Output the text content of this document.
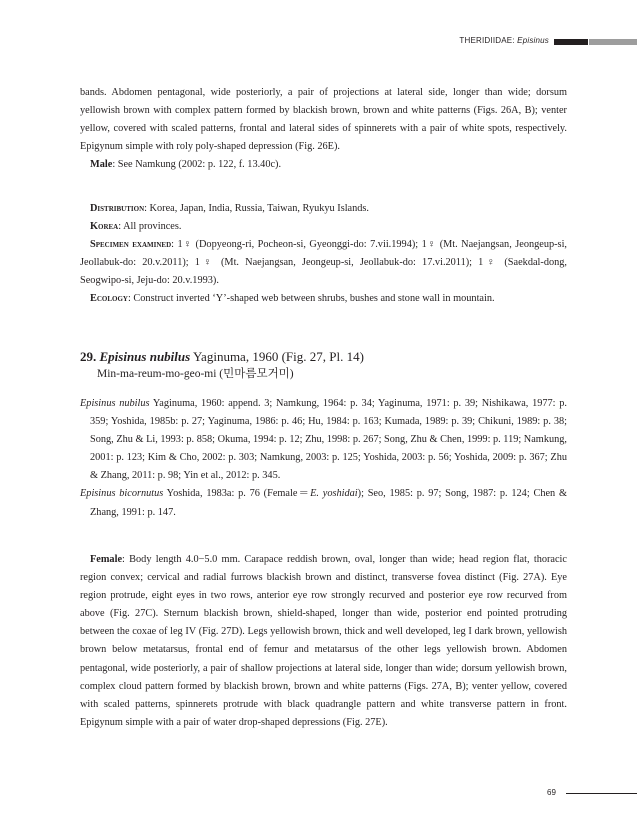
THERIDIIDAE: Episinus

bands. Abdomen pentagonal, wide posteriorly, a pair of projections at lateral side, longer than wide; dorsum yellowish brown with complex pattern formed by blackish brown, brown and white patterns (Figs. 26A, B); venter yellow, covered with scaled patterns, frontal and lateral sides of spinnerets with a pair of white spots, respectively. Epigynum simple with roly poly-shaped depression (Fig. 26E).

Male: See Namkung (2002: p. 122, f. 13.40c).

Distribution: Korea, Japan, India, Russia, Taiwan, Ryukyu Islands.

Korea: All provinces.

Specimen examined: 1♀ (Dopyeong-ri, Pocheon-si, Gyeonggi-do: 7.vii.1994); 1♀ (Mt. Naejangsan, Jeongeup-si, Jeollabuk-do: 20.v.2011); 1♀ (Mt. Naejangsan, Jeongeup-si, Jeollabuk-do: 17.vi.2011); 1♀ (Saekdal-dong, Seogwipo-si, Jeju-do: 20.v.1993).

Ecology: Construct inverted ‘Y’-shaped web between shrubs, bushes and stone wall in mountain.

29. Episinus nubilus Yaginuma, 1960 (Fig. 27, Pl. 14)
Min-ma-reum-mo-geo-mi (민마름모거미)

Episinus nubilus Yaginuma, 1960: append. 3; Namkung, 1964: p. 34; Yaginuma, 1971: p. 39; Nishikawa, 1977: p. 359; Yoshida, 1985b: p. 27; Yaginuma, 1986: p. 46; Hu, 1984: p. 163; Kumada, 1989: p. 39; Chikuni, 1989: p. 38; Song, Zhu & Li, 1993: p. 858; Okuma, 1994: p. 12; Zhu, 1998: p. 267; Song, Zhu & Chen, 1999: p. 119; Namkung, 2001: p. 123; Kim & Cho, 2002: p. 303; Namkung, 2003: p. 125; Yoshida, 2003: p. 56; Yoshida, 2009: p. 367; Zhu & Zhang, 2011: p. 98; Yin et al., 2012: p. 345.

Episinus bicornutus Yoshida, 1983a: p. 76 (Female＝E. yoshidai); Seo, 1985: p. 97; Song, 1987: p. 124; Chen & Zhang, 1991: p. 147.

Female: Body length 4.0−5.0 mm. Carapace reddish brown, oval, longer than wide; head region flat, thoracic region convex; cervical and radial furrows blackish brown and distinct, transverse fovea distinct (Fig. 27A). Eye region protrude, eight eyes in two rows, anterior eye row strongly recurved and posterior eye row recurved from above (Fig. 27C). Sternum blackish brown, shield-shaped, longer than wide, posterior end pointed protruding between the coxae of leg IV (Fig. 27D). Legs yellowish brown, thick and well developed, leg I dark brown, yellowish brown below metatarsus, frontal end of femur and metatarsus of the other legs yellowish brown. Abdomen pentagonal, wide posteriorly, a pair of shallow projections at lateral side, longer than wide; dorsum yellowish brown, complex cloud pattern formed by blackish brown, brown and white patterns (Figs. 27A, B); venter yellow, covered with scaled patterns, spinnerets protrude with black quadrangle pattern and white transverse pattern in front. Epigynum simple with a pair of water drop-shaped depressions (Fig. 27E).

69
